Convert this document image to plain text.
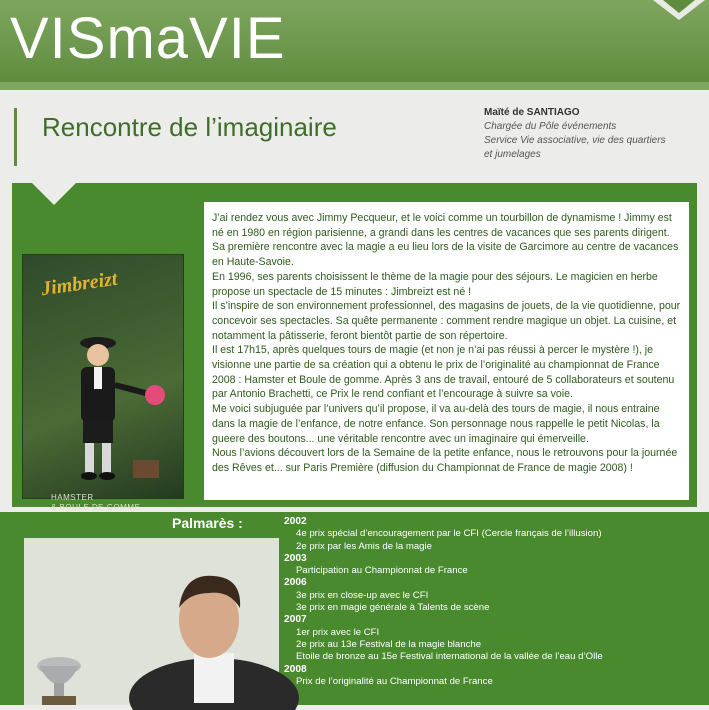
VISmaVIE
Rencontre de l’imaginaire	Maïté de SANTIAGO
Chargée du Pôle événements
Service Vie associative, vie des quartiers
et jumelages
Jimbreizt
HAMSTER
& BOULE DE GOMME

J’ai rendez vous avec Jimmy Pecqueur, et le voici comme un tourbillon de dynamisme ! Jimmy est né en 1980 en région parisienne, a grandi dans les centres de vacances que ses parents dirigent. Sa première rencontre avec la magie a eu lieu lors de la visite de Garcimore au centre de vacances en Haute-Savoie.

En 1996, ses parents choisissent le thème de la magie pour des séjours. Le magicien en herbe propose un spectacle de 15 minutes : Jimbreizt est né !

Il s’inspire de son environnement professionnel, des magasins de jouets, de la vie quotidienne, pour concevoir ses spectacles. Sa quête permanente : comment rendre magique un objet. La cuisine, et notamment la pâtisserie, feront bientôt partie de son répertoire.

Il est 17h15, après quelques tours de magie (et non je n’ai pas réussi à percer le mystère !), je visionne une partie de sa création qui a obtenu le prix de l’originalité au championnat de France 2008 : Hamster et Boule de gomme. Après 3 ans de travail, entouré de 5 collaborateurs et soutenu par Antonio Brachetti, ce Prix le rend confiant et l’encourage à suivre sa voie.

Me voici subjuguée par l’univers qu’il propose, il va au-delà des tours de magie, il nous entraine dans la magie de l’enfance, de notre enfance. Son personnage nous rappelle le petit Nicolas, la gueere des boutons... une véritable rencontre avec un imaginaire qui émerveille.

Nous l’avions découvert lors de la Semaine de la petite enfance, nous le retrouvons pour la journée des Rêves et... sur Paris Première (diffusion du Championnat de France de magie 2008) !

Palmarès :	2002
4e prix spécial d’encouragement par le CFI (Cercle français de l’illusion)
2e prix par les Amis de la magie
2003
Participation au Championnat de France
2006
3e prix en close-up avec le CFI
3e prix en magie générale à Talents de scène
2007
1er prix avec le CFI
2e prix au 13e Festival de la magie blanche
Etoile de bronze au 15e Festival international de la vallée de l’eau d’Olle
2008
Prix de l’originalité au Championnat de France
